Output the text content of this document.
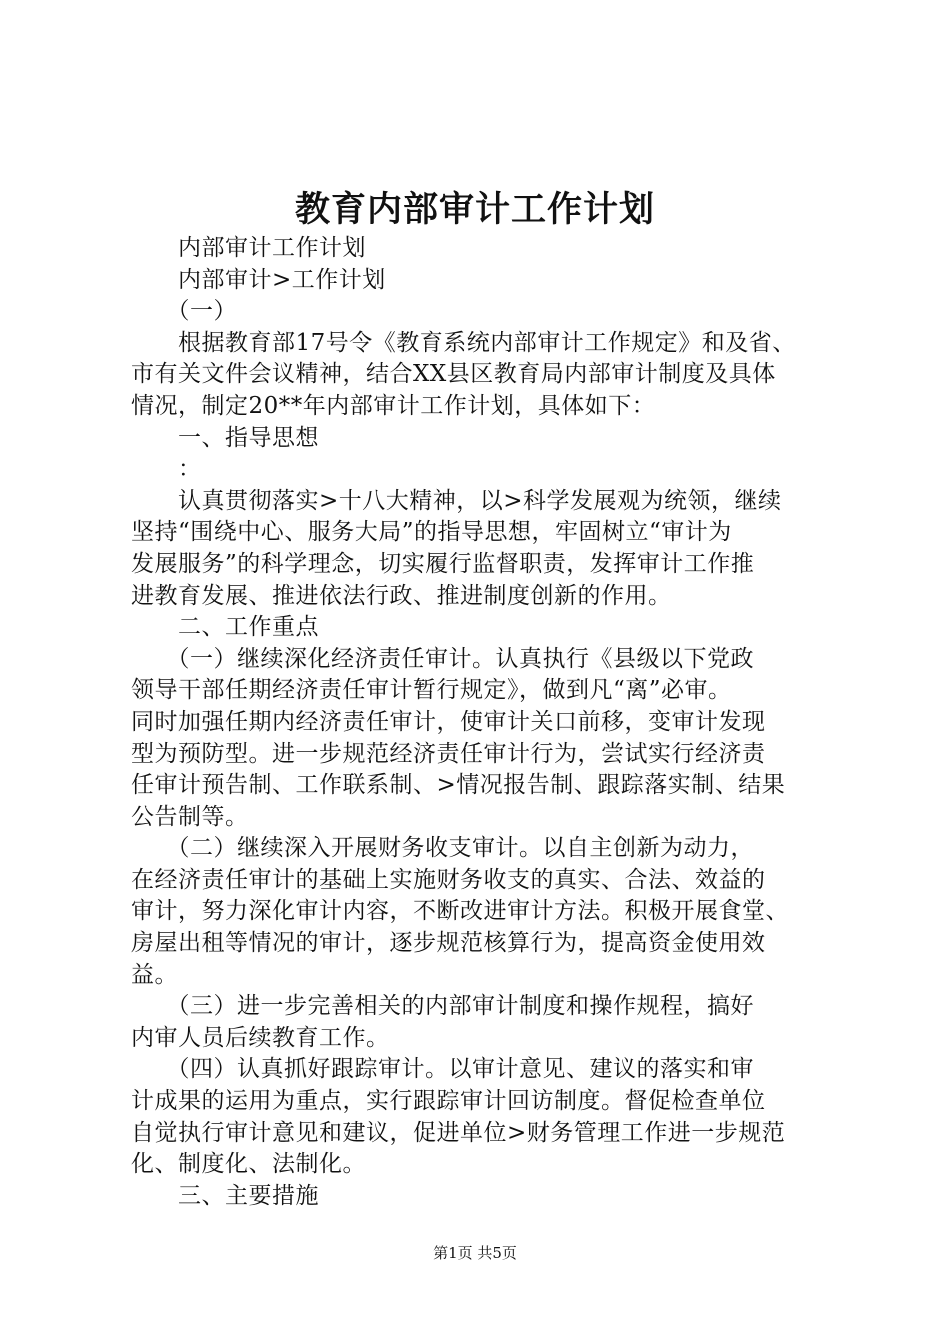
教育内部审计工作计划
　　内部审计工作计划
　　内部审计>工作计划
　　（一）
　　根据教育部17号令《教育系统内部审计工作规定》和及省、
市有关文件会议精神，结合XX县区教育局内部审计制度及具体
情况，制定20**年内部审计工作计划，具体如下：
　　一、指导思想
　　：
　　认真贯彻落实>十八大精神，以>科学发展观为统领，继续
坚持“围绕中心、服务大局”的指导思想，牢固树立“审计为
发展服务”的科学理念，切实履行监督职责，发挥审计工作推
进教育发展、推进依法行政、推进制度创新的作用。
　　二、工作重点
　　（一）继续深化经济责任审计。认真执行《县级以下党政
领导干部任期经济责任审计暂行规定》，做到凡“离”必审。
同时加强任期内经济责任审计，使审计关口前移，变审计发现
型为预防型。进一步规范经济责任审计行为，尝试实行经济责
任审计预告制、工作联系制、>情况报告制、跟踪落实制、结果
公告制等。
　　（二）继续深入开展财务收支审计。以自主创新为动力，
在经济责任审计的基础上实施财务收支的真实、合法、效益的
审计，努力深化审计内容，不断改进审计方法。积极开展食堂、
房屋出租等情况的审计，逐步规范核算行为，提高资金使用效
益。
　　（三）进一步完善相关的内部审计制度和操作规程，搞好
内审人员后续教育工作。
　　（四）认真抓好跟踪审计。以审计意见、建议的落实和审
计成果的运用为重点，实行跟踪审计回访制度。督促检查单位
自觉执行审计意见和建议，促进单位>财务管理工作进一步规范
化、制度化、法制化。
　　三、主要措施
第1页 共5页
